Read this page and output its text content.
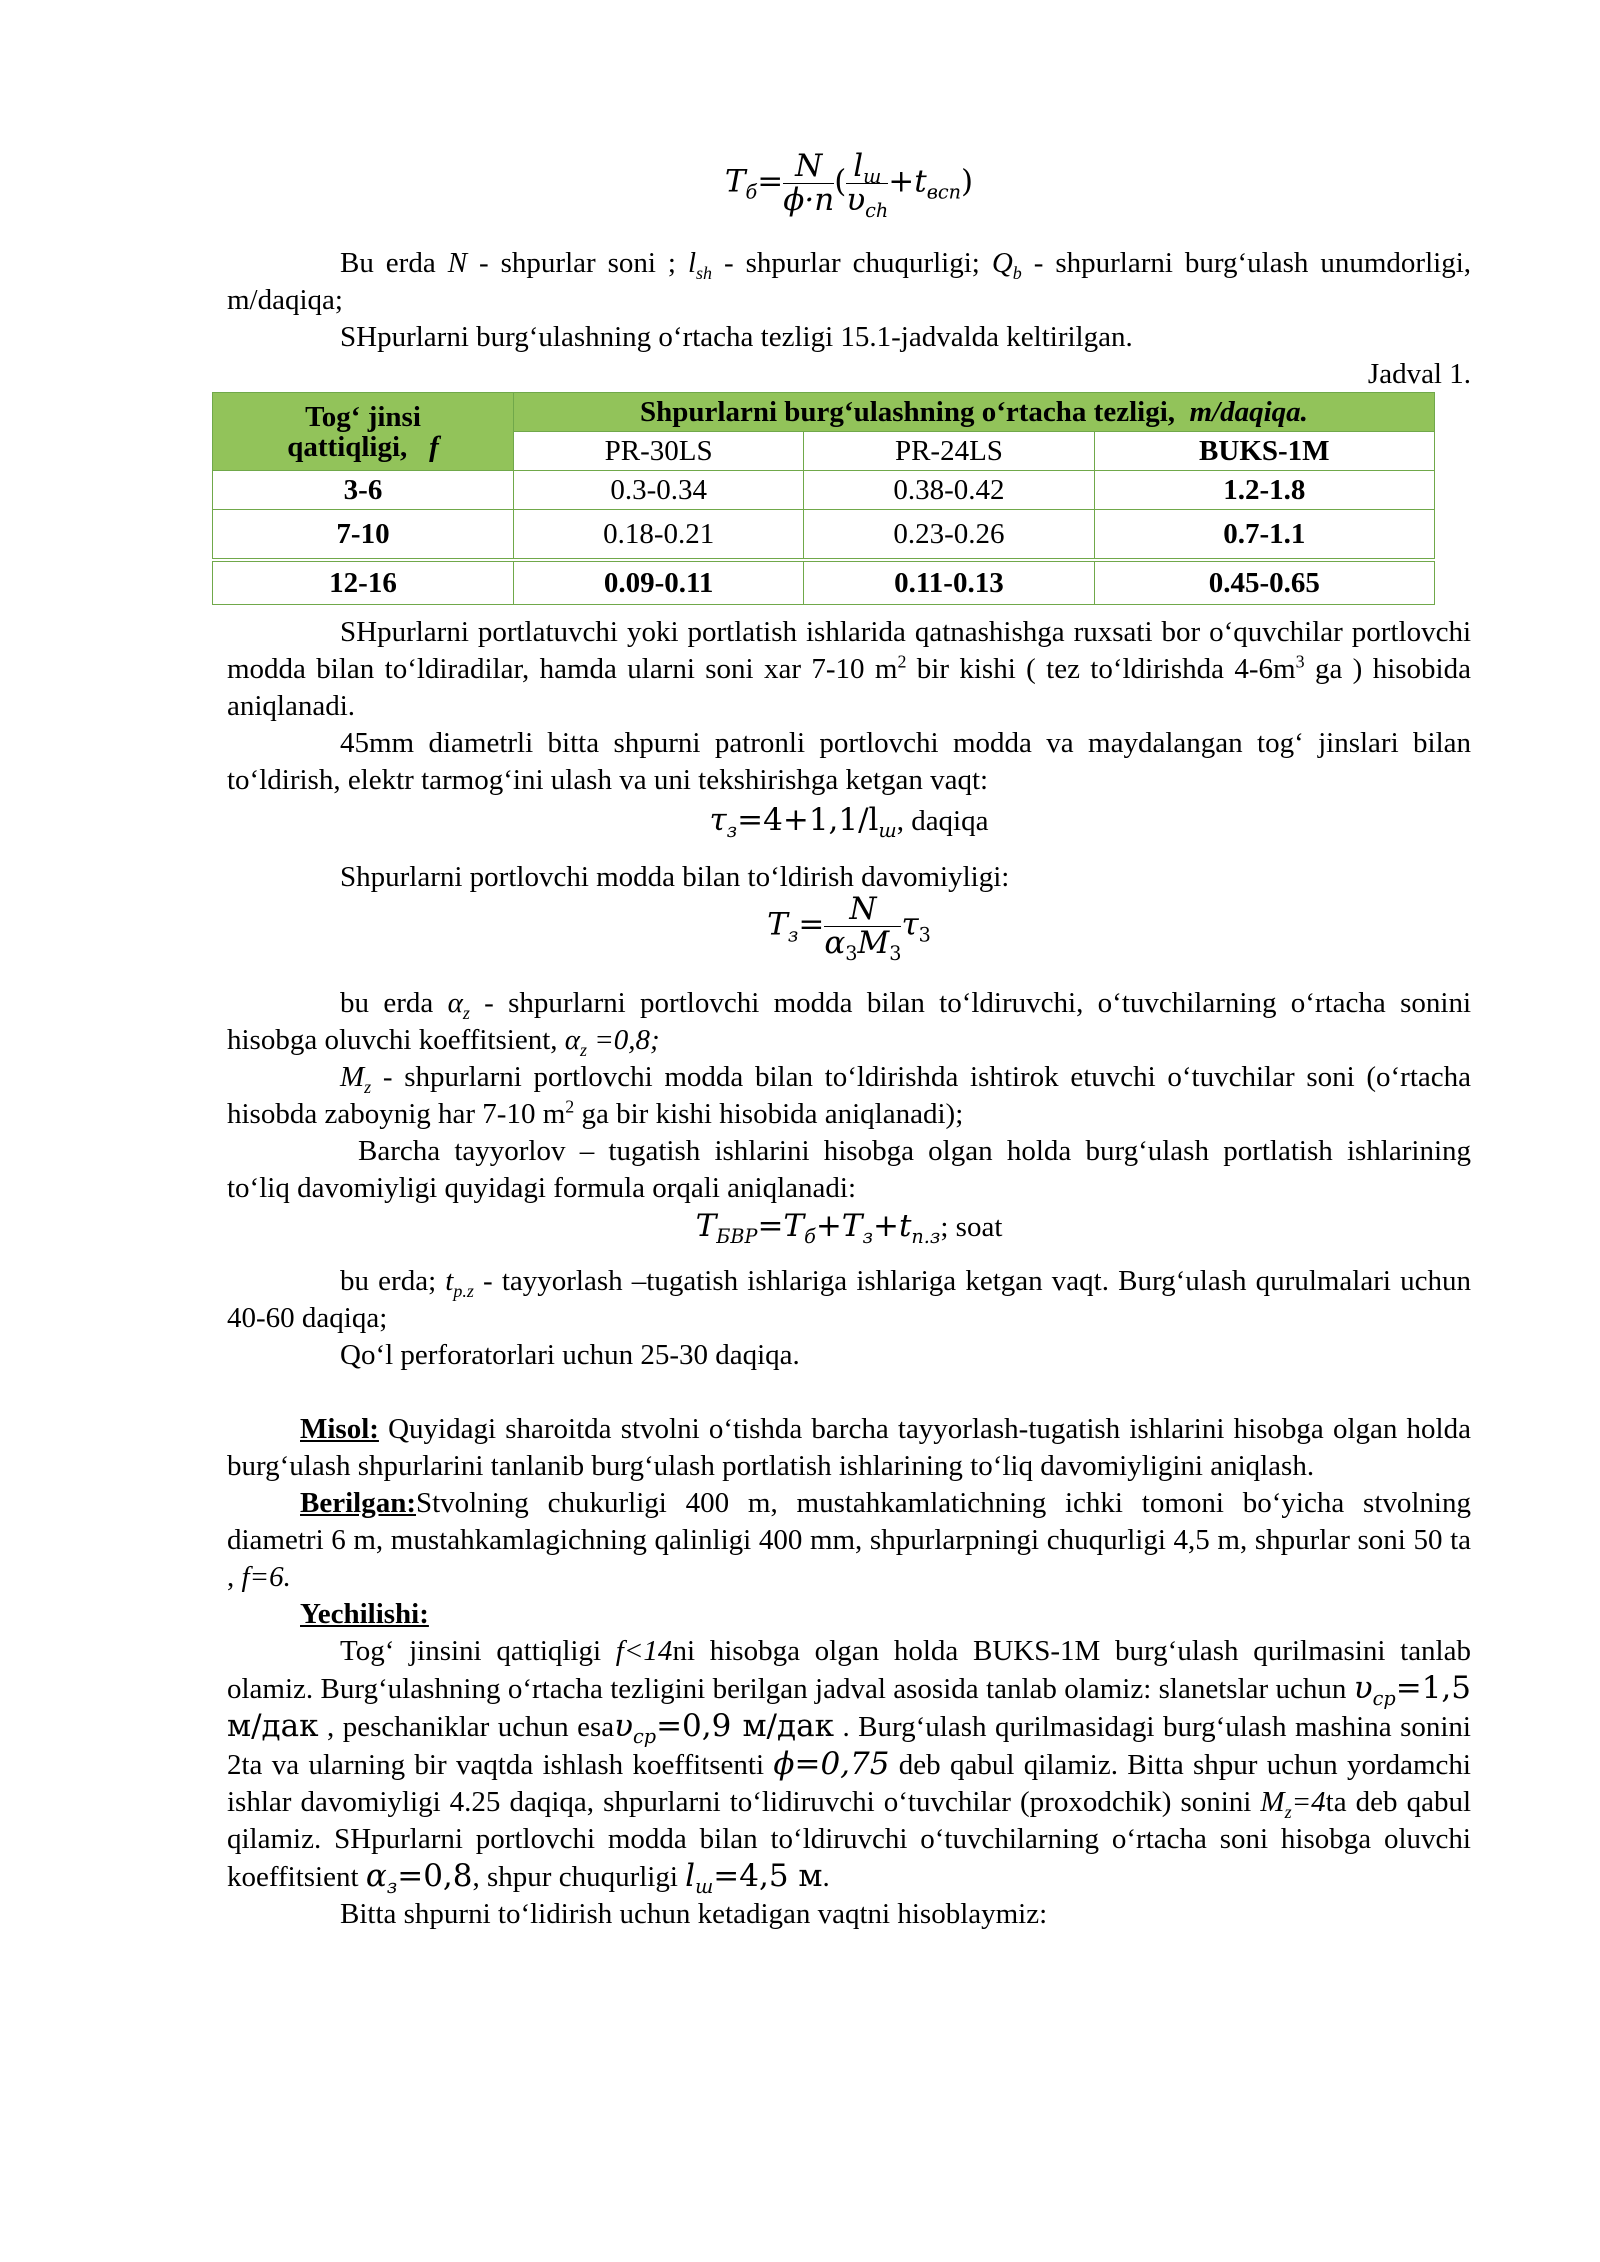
$T_б= \frac{N}{\phi\cdot n}$ ( $l_ш$
$\upsilon_{ch}$
$+t_{всп}$)

Bu erda N - shpurlar soni ; $l_{sh}$ - shpurlar chuqurligi; $Q_b$ - shpurlarni burg‘ulash unumdorligi, m/daqiqa;

SHpurlarni burg‘ulashning o‘rtacha tezligi 15.1-jadvalda keltirilgan.

Jadval 1.

Tog‘ jinsi
qattiqligi, f	Shpurlarni burg‘ulashning o‘rtacha tezligi, m/daqiqa.		
	PR-30LS	PR-24LS	BUKS-1M
3-6	0.3-0.34	0.38-0.42	1.2-1.8
7-10	0.18-0.21	0.23-0.26	0.7-1.1
12-16	0.09-0.11	0.11-0.13	0.45-0.65

SHpurlarni portlatuvchi yoki portlatish ishlarida qatnashishga ruxsati bor o‘quvchilar portlovchi modda bilan to‘ldiradilar, hamda ularni soni xar 7-10 $m^2$ bir kishi ( tez to‘ldirishda $4-6m^3$ ga ) hisobida aniqlanadi.

45mm diametrli bitta shpurni patronli portlovchi modda va maydalangan tog‘ jinslari bilan to‘ldirish, elektr tarmog‘ini ulash va uni tekshirishga ketgan vaqt:

$\tau_з=4+1,1/l_ш$, daqiqa

Shpurlarni portlovchi modda bilan to‘ldirish davomiyligi:

$T_з= \frac{N}{\alpha_3M_3} \tau_3$

bu erda $\alpha_z$ - shpurlarni portlovchi modda bilan to‘ldiruvchi, o‘tuvchilarning o‘rtacha sonini hisobga oluvchi koeffitsient, $\alpha_z =0,8$;

$M_z$ - shpurlarni portlovchi modda bilan to‘ldirishda ishtirok etuvchi o‘tuvchilar soni (o‘rtacha hisobda zaboynig har 7-10 $m^2$ ga bir kishi hisobida aniqlanadi);

Barcha tayyorlov – tugatish ishlarini hisobga olgan holda burg‘ulash portlatish ishlarining to‘liq davomiyligi quyidagi formula orqali aniqlanadi:

$T_{БВР}=T_б+T_з+t_{п.з}$; soat

bu erda; $t_{p.z}$ - tayyorlash –tugatish ishlariga ishlariga ketgan vaqt. Burg‘ulash qurulmalari uchun 40-60 daqiqa;

Qo‘l perforatorlari uchun 25-30 daqiqa.

Misol: Quyidagi sharoitda stvolni o‘tishda barcha tayyorlash-tugatish ishlarini hisobga olgan holda burg‘ulash shpurlarini tanlanib burg‘ulash portlatish ishlarining to‘liq davomiyligini aniqlash.

Berilgan:Stvolning chukurligi 400 m, mustahkamlatichning ichki tomoni bo‘yicha stvolning diametri 6 m, mustahkamlagichning qalinligi 400 mm, shpurlarpningi chuqurligi 4,5 m, shpurlar soni 50 ta , f=6.

Yechilishi:

Tog‘ jinsini qattiqligi f<14ni hisobga olgan holda BUKS-1M burg‘ulash qurilmasini tanlab olamiz. Burg‘ulashning o‘rtacha tezligini berilgan jadval asosida tanlab olamiz: slanetslar uchun $\upsilon_{ср}=1,5$ м/дак , peschaniklar uchun esaυ$_{ср}$=0,9 м/дак . Burg‘ulash qurilmasidagi burg‘ulash mashina sonini 2ta va ularning bir vaqtda ishlash koeffitsenti ϕ=0,75 deb qabul qilamiz. Bitta shpur uchun yordamchi ishlar davomiyligi 4.25 daqiqa, shpurlarni to‘lidiruvchi o‘tuvchilar (proxodchik) sonini $M_z=4ta$ deb qabul qilamiz. SHpurlarni portlovchi modda bilan to‘ldiruvchi o‘tuvchilarning o‘rtacha soni hisobga oluvchi koeffitsient $\alpha_з=0,8$, shpur chuqurligi $l_ш=4,5$ м.

Bitta shpurni to‘lidirish uchun ketadigan vaqtni hisoblaymiz:
